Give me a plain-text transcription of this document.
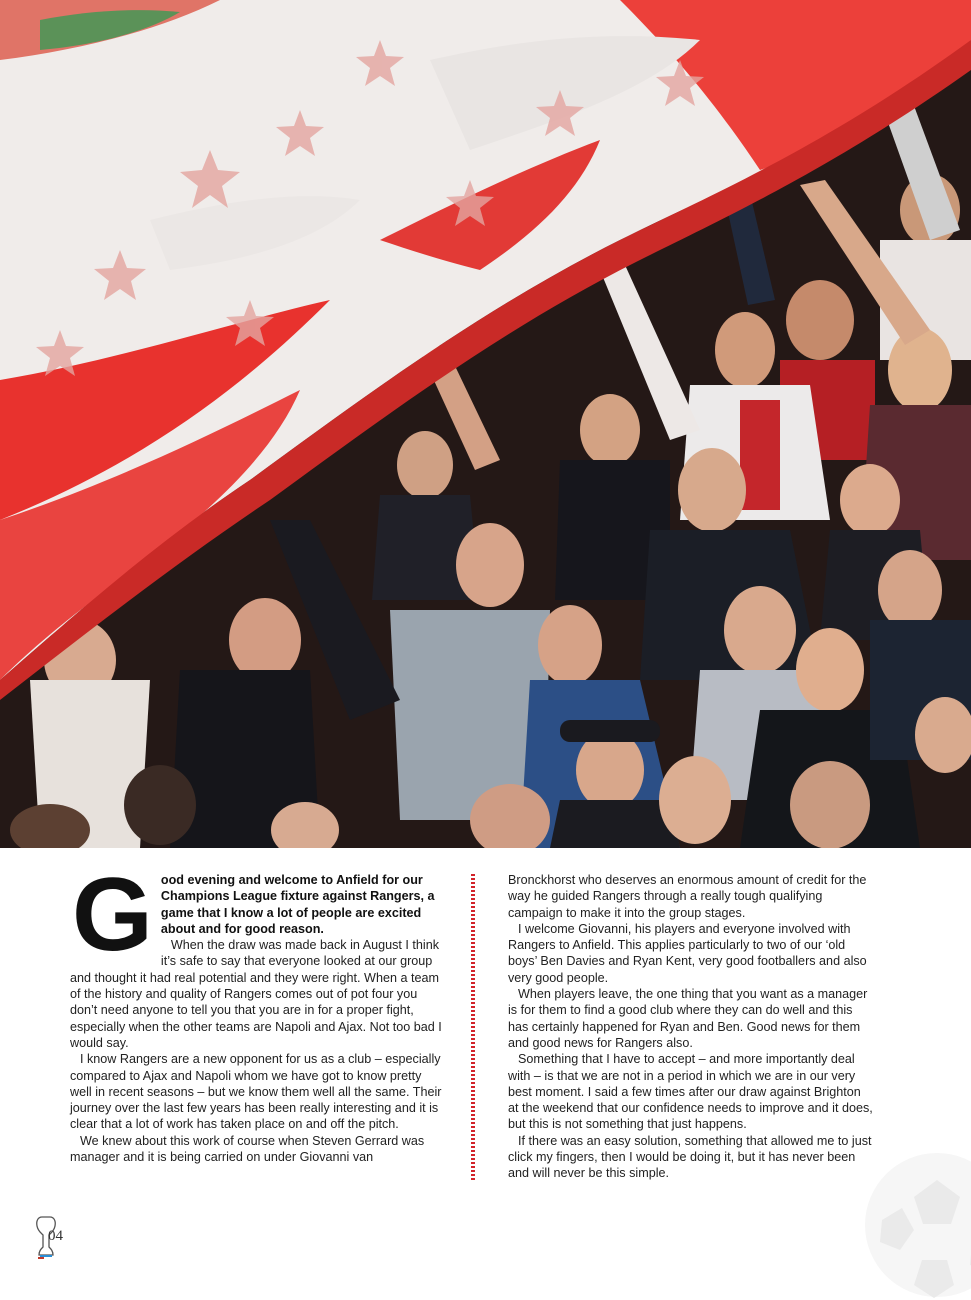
Good evening and welcome to Anfield for our Champions League fixture against Rangers, a game that I know a lot of people are excited about and for good reason.

When the draw was made back in August I think it’s safe to say that everyone looked at our group and thought it had real potential and they were right. When a team of the history and quality of Rangers comes out of pot four you don’t need anyone to tell you that you are in for a proper fight, especially when the other teams are Napoli and Ajax. Not too bad I would say.

I know Rangers are a new opponent for us as a club – especially compared to Ajax and Napoli whom we have got to know pretty well in recent seasons – but we know them well all the same. Their journey over the last few years has been really interesting and it is clear that a lot of work has taken place on and off the pitch.

We knew about this work of course when Steven Gerrard was manager and it is being carried on under Giovanni van

Bronckhorst who deserves an enormous amount of credit for the way he guided Rangers through a really tough qualifying campaign to make it into the group stages.

I welcome Giovanni, his players and everyone involved with Rangers to Anfield. This applies particularly to two of our ‘old boys’ Ben Davies and Ryan Kent, very good footballers and also very good people.

When players leave, the one thing that you want as a manager is for them to find a good club where they can do well and this has certainly happened for Ryan and Ben. Good news for them and good news for Rangers also.

Something that I have to accept – and more importantly deal with – is that we are not in a period in which we are in our very best moment. I said a few times after our draw against Brighton at the weekend that our confidence needs to improve and it does, but this is not something that just happens.

If there was an easy solution, something that allowed me to just click my fingers, then I would be doing it, but it has never been and will never be this simple.

04
